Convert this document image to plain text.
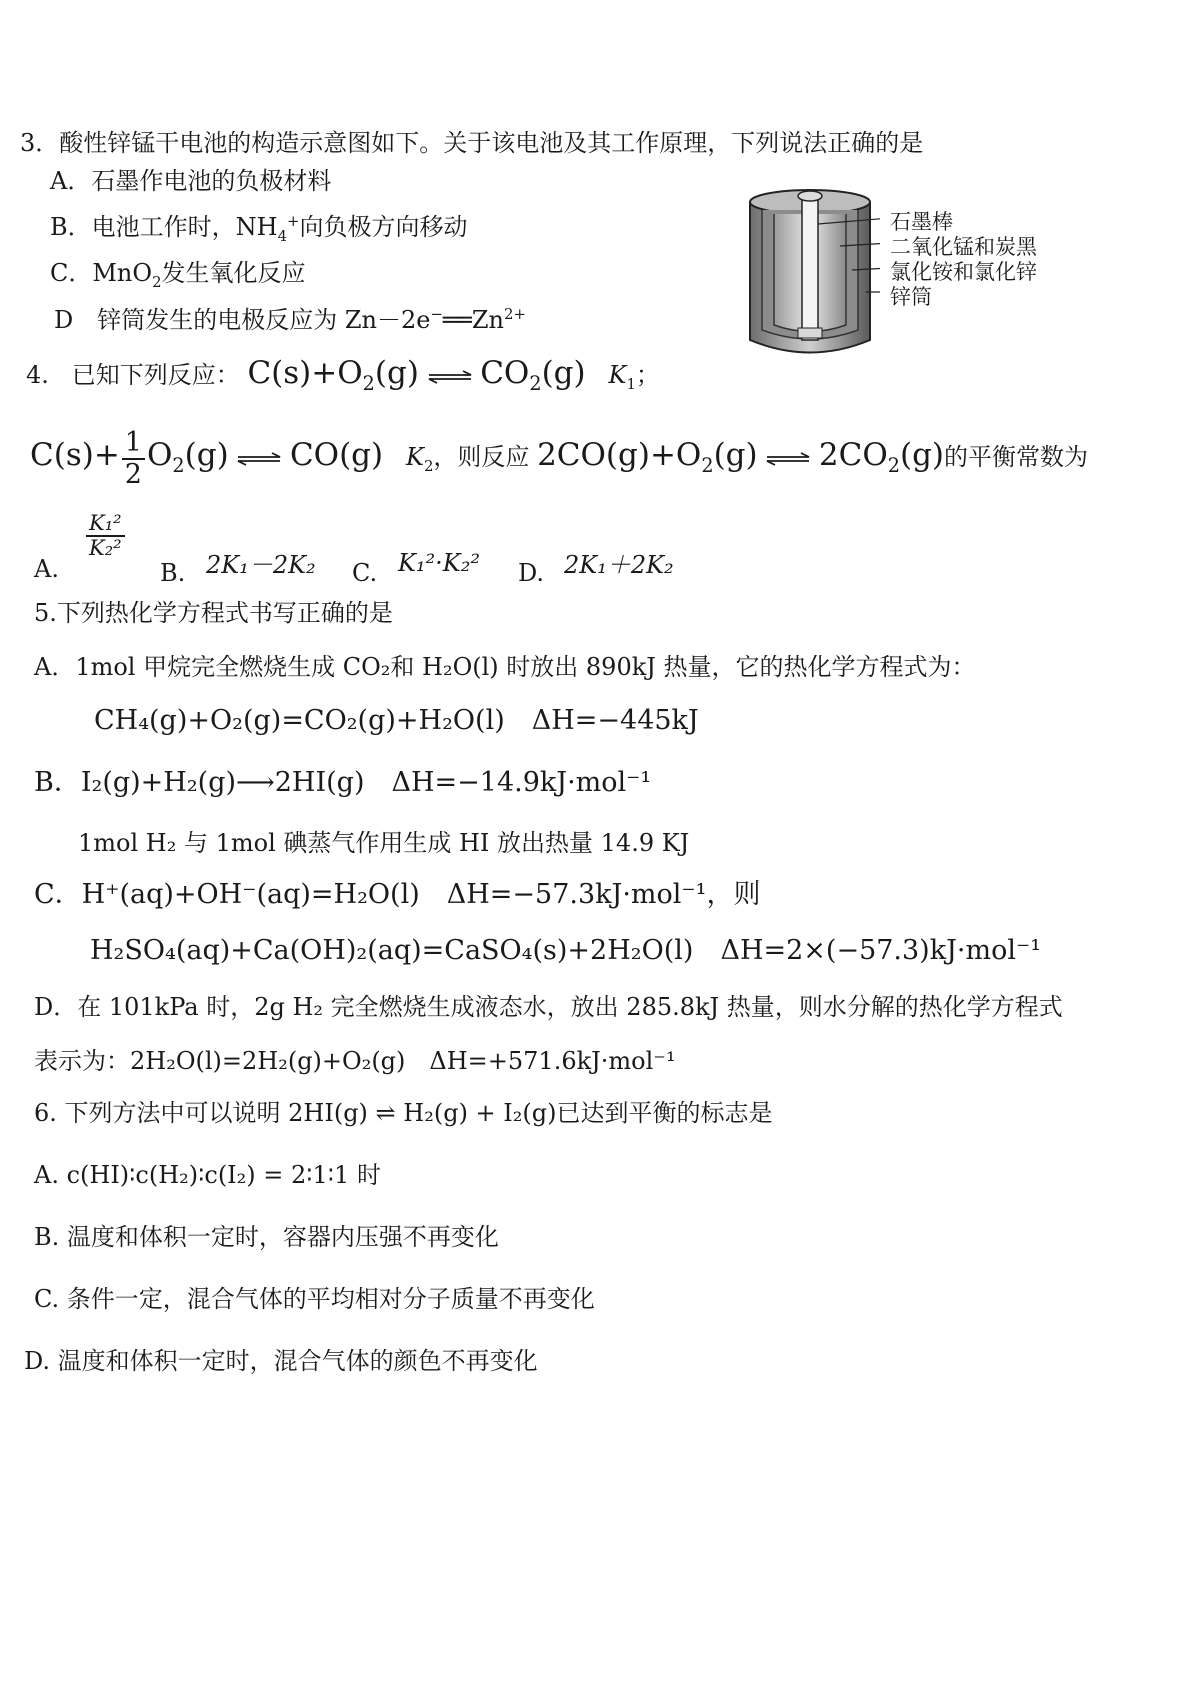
3．酸性锌锰干电池的构造示意图如下。关于该电池及其工作原理，下列说法正确的是
A．石墨作电池的负极材料
B．电池工作时，$NH_4^+$向负极方向移动
C．MnO$_2$发生氧化反应
D　锌筒发生的电极反应为 $Zn-2e^-══Zn^{2+}$
石墨棒
二氧化锰和炭黑
氯化铵和氯化锌
锌筒
4. 已知下列反应： $C(s)+O_2(g)$ ⇌ $CO_2(g)$ $K_1$；
$C(s)+ \frac{1}{2} O_2(g)$ ⇌ CO(g) $K_2$，则反应 $2CO(g)+O_2(g)$ ⇌ $2CO_2(g)$的平衡常数为
A.
$\frac{\text{K₁²}}{\text{K₂²}}$
B. 2K₁－2K₂ C. K₁²·K₂² D. 2K₁＋2K₂
5.下列热化学方程式书写正确的是
A．1mol 甲烷完全燃烧生成 CO₂和 H₂O(l) 时放出 890kJ 热量，它的热化学方程式为：
CH₄(g)+O₂(g)=CO₂(g)+H₂O(l)　ΔH=−445kJ
B．I₂(g)+H₂(g)⟶2HI(g)　ΔH=−14.9kJ·mol⁻¹
1mol H₂ 与 1mol 碘蒸气作用生成 HI 放出热量 14.9 KJ
C．H⁺(aq)+OH⁻(aq)=H₂O(l)　ΔH=−57.3kJ·mol⁻¹，则
H₂SO₄(aq)+Ca(OH)₂(aq)=CaSO₄(s)+2H₂O(l)　ΔH=2×(−57.3)kJ·mol⁻¹
D．在 101kPa 时，2g H₂ 完全燃烧生成液态水，放出 285.8kJ 热量，则水分解的热化学方程式
表示为：2H₂O(l)=2H₂(g)+O₂(g)　ΔH=+571.6kJ·mol⁻¹
6. 下列方法中可以说明 2HI(g) ⇌ H₂(g) + I₂(g)已达到平衡的标志是
A. c(HI)∶c(H₂)∶c(I₂) = 2∶1∶1 时
B. 温度和体积一定时，容器内压强不再变化
C. 条件一定，混合气体的平均相对分子质量不再变化
D. 温度和体积一定时，混合气体的颜色不再变化
